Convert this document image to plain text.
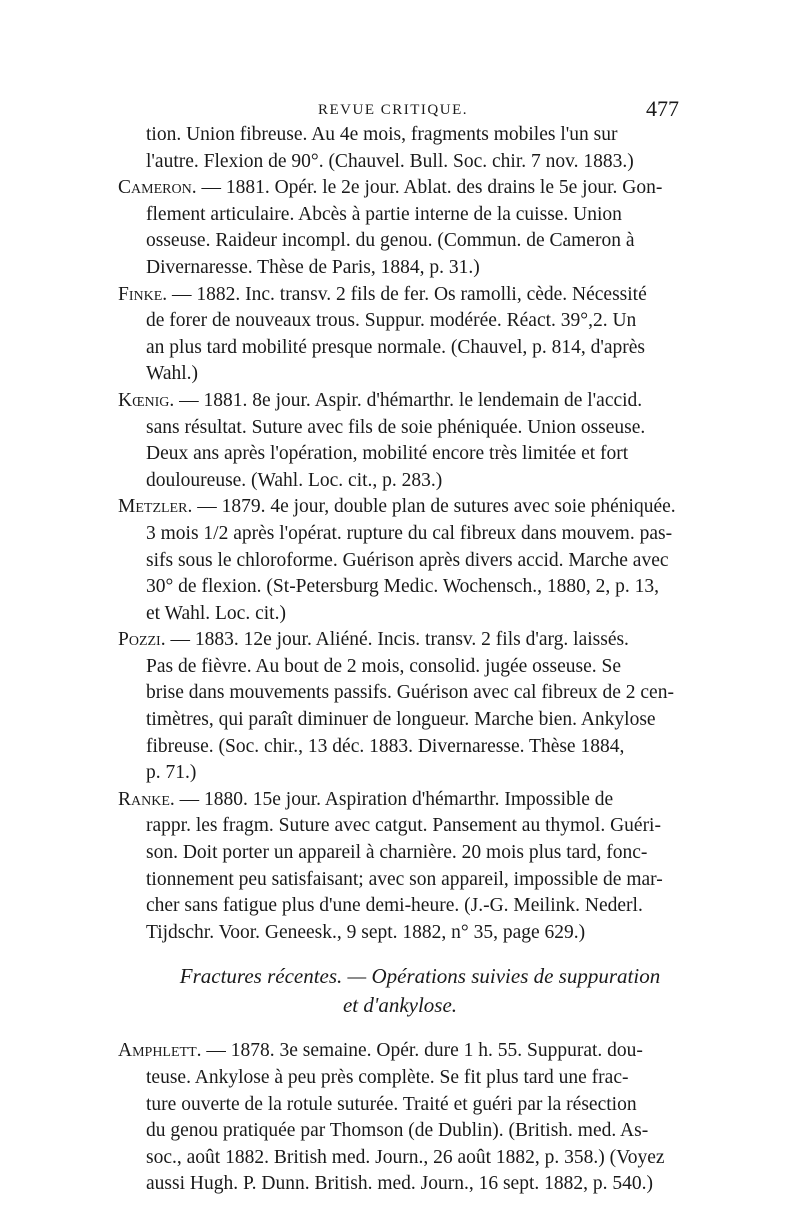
REVUE CRITIQUE.	477
tion. Union fibreuse. Au 4e mois, fragments mobiles l'un sur
l'autre. Flexion de 90°. (Chauvel. Bull. Soc. chir. 7 nov. 1883.)
Cameron. — 1881. Opér. le 2e jour. Ablat. des drains le 5e jour. Gon-
flement articulaire. Abcès à partie interne de la cuisse. Union
osseuse. Raideur incompl. du genou. (Commun. de Cameron à
Divernaresse. Thèse de Paris, 1884, p. 31.)
Finke. — 1882. Inc. transv. 2 fils de fer. Os ramolli, cède. Nécessité
de forer de nouveaux trous. Suppur. modérée. Réact. 39°,2. Un
an plus tard mobilité presque normale. (Chauvel, p. 814, d'après
Wahl.)
Kœnig. — 1881. 8e jour. Aspir. d'hémarthr. le lendemain de l'accid.
sans résultat. Suture avec fils de soie phéniquée. Union osseuse.
Deux ans après l'opération, mobilité encore très limitée et fort
douloureuse. (Wahl. Loc. cit., p. 283.)
Metzler. — 1879. 4e jour, double plan de sutures avec soie phéniquée.
3 mois 1/2 après l'opérat. rupture du cal fibreux dans mouvem. pas-
sifs sous le chloroforme. Guérison après divers accid. Marche avec
30° de flexion. (St-Petersburg Medic. Wochensch., 1880, 2, p. 13,
et Wahl. Loc. cit.)
Pozzi. — 1883. 12e jour. Aliéné. Incis. transv. 2 fils d'arg. laissés.
Pas de fièvre. Au bout de 2 mois, consolid. jugée osseuse. Se
brise dans mouvements passifs. Guérison avec cal fibreux de 2 cen-
timètres, qui paraît diminuer de longueur. Marche bien. Ankylose
fibreuse. (Soc. chir., 13 déc. 1883. Divernaresse. Thèse 1884,
p. 71.)
Ranke. — 1880. 15e jour. Aspiration d'hémarthr. Impossible de
rappr. les fragm. Suture avec catgut. Pansement au thymol. Guéri-
son. Doit porter un appareil à charnière. 20 mois plus tard, fonc-
tionnement peu satisfaisant; avec son appareil, impossible de mar-
cher sans fatigue plus d'une demi-heure. (J.-G. Meilink. Nederl.
Tijdschr. Voor. Geneesk., 9 sept. 1882, n° 35, page 629.)
Fractures récentes. — Opérations suivies de suppuration
et d'ankylose.
Amphlett. — 1878. 3e semaine. Opér. dure 1 h. 55. Suppurat. dou-
teuse. Ankylose à peu près complète. Se fit plus tard une frac-
ture ouverte de la rotule suturée. Traité et guéri par la résection
du genou pratiquée par Thomson (de Dublin). (British. med. As-
soc., août 1882. British med. Journ., 26 août 1882, p. 358.) (Voyez
aussi Hugh. P. Dunn. British. med. Journ., 16 sept. 1882, p. 540.)
